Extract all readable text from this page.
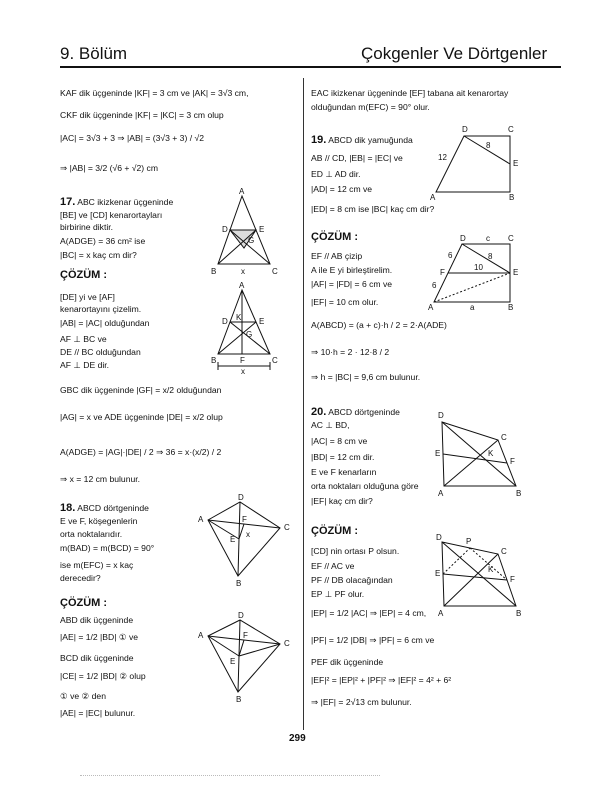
9. Bölüm	Çokgenler Ve Dörtgenler
KAF dik üçgeninde |KF| = 3 cm ve |AK| = 3√3 cm,
CKF dik üçgeninde |KF| = |KC| = 3 cm olup
|AC| = 3√3 + 3 ⇒ |AB| = (3√3 + 3) / √2
⇒ |AB| = 3/2 (√6 + √2) cm
17. ABC ikizkenar üçgeninde
[BE] ve [CD] kenarortayları
birbirine diktir.
A(ADGE) = 36 cm² ise
|BC| = x kaç cm dir?
A
D	E
G
B	x	C
ÇÖZÜM :
[DE] yi ve [AF]
kenarortayını çizelim.
|AB| = |AC| olduğundan
AF ⊥ BC ve
DE // BC olduğundan
AF ⊥ DE dir.
A
D	E
K
G
B	F	C
x
GBC dik üçgeninde |GF| = x/2 olduğundan
|AG| = x ve ADE üçgeninde |DE| = x/2 olup
A(ADGE) = |AG|·|DE| / 2 ⇒ 36 = x·(x/2) / 2
⇒ x = 12 cm bulunur.
18. ABCD dörtgeninde
E ve F, köşegenlerin
orta noktalarıdır.
m(BAD) = m(BCD) = 90°
ise m(EFC) = x kaç
derecedir?
A
D
C
B
E
F
x
ÇÖZÜM :
ABD dik üçgeninde
|AE| = 1/2 |BD| ① ve
BCD dik üçgeninde
|CE| = 1/2 |BD| ② olup
① ve ② den
|AE| = |EC| bulunur.
A
D
C
B
E
F
EAC ikizkenar üçgeninde [EF] tabana ait kenarortay
olduğundan m(EFC) = 90° olur.
19. ABCD dik yamuğunda
AB // CD, |EB| = |EC| ve
ED ⊥ AD dir.
|AD| = 12 cm ve
|ED| = 8 cm ise |BC| kaç cm dir?
D	C
E
A	B
12
8
ÇÖZÜM :
EF // AB çizip
A ile E yi birleştirelim.
|AF| = |FD| = 6 cm ve
|EF| = 10 cm olur.
A(ABCD) = (a + c)·h / 2 = 2·A(ADE)
⇒ 10·h = 2 · 12·8 / 2
⇒ h = |BC| = 9,6 cm bulunur.
D	c C
E
F
A	a	B
6
6
8
10
20. ABCD dörtgeninde
AC ⊥ BD,
|AC| = 8 cm ve
|BD| = 12 cm dir.
E ve F kenarların
orta noktaları olduğuna göre
|EF| kaç cm dir?
D
C
E
F
K
A	B
ÇÖZÜM :
[CD] nin ortası P olsun.
EF // AC ve
PF // DB olacağından
EP ⊥ PF olur.
|EP| = 1/2 |AC| ⇒ |EP| = 4 cm,
|PF| = 1/2 |DB| ⇒ |PF| = 6 cm ve
PEF dik üçgeninde
|EF|² = |EP|² + |PF|² ⇒ |EF|² = 4² + 6²
⇒ |EF| = 2√13 cm bulunur.
D	P
C
E
F
K
A	B
299
